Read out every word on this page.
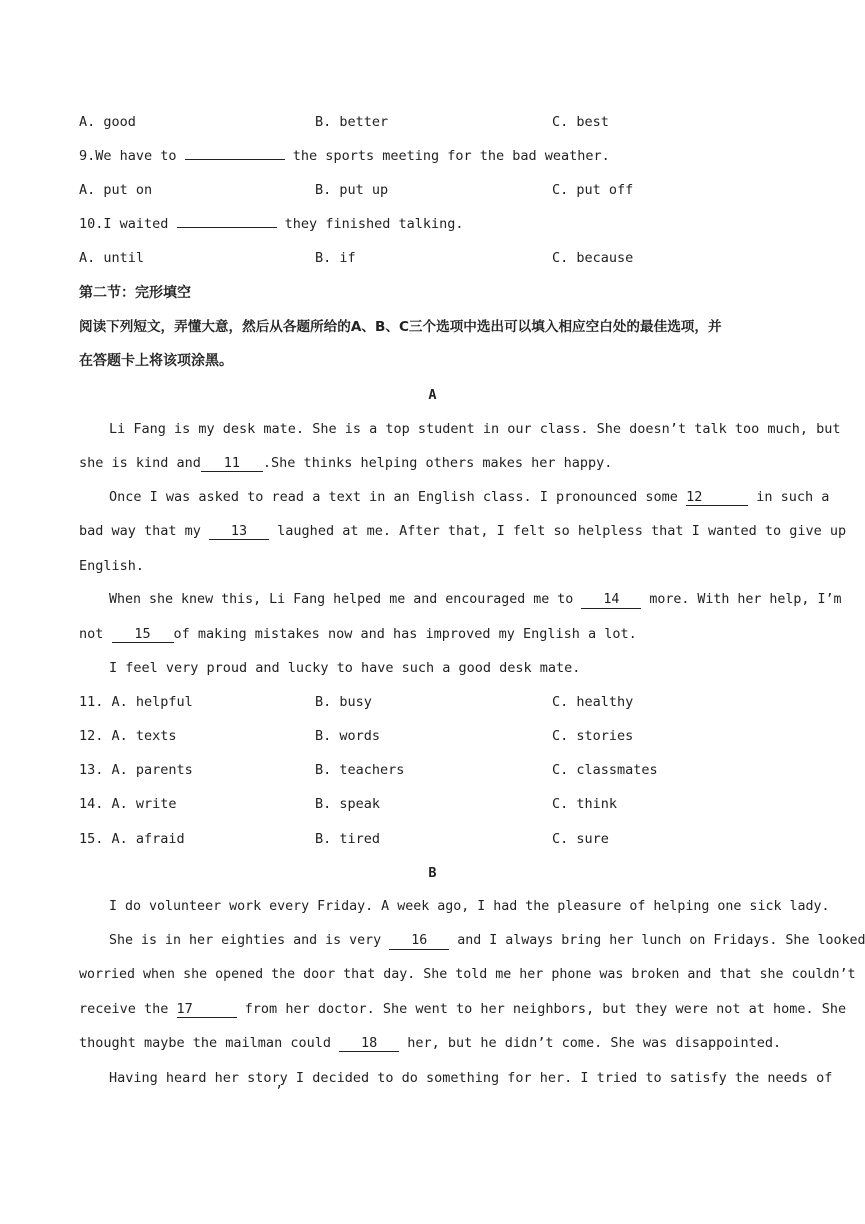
A. good	B. better	C. best
9.We have to	the sports meeting for the bad weather.
A. put on	B. put up	C. put off
10.I waited	they finished talking.
A. until	B. if	C. because
第二节：完形填空
阅读下列短文，弄懂大意，然后从各题所给的A、B、C三个选项中选出可以填入相应空白处的最佳选项，并
在答题卡上将该项涂黑。
A
Li Fang is my desk mate. She is a top student in our class. She doesn’t talk too much, but
she is kind and 11 .She thinks helping others makes her happy.
Once I was asked to read a text in an English class. I pronounced some 12	in such a
bad way that my 13 laughed at me. After that, I felt so helpless that I wanted to give up
English.
When she knew this, Li Fang helped me and encouraged me to 14 more. With her help, I’m
not 15 of making mistakes now and has improved my English a lot.
I feel very proud and lucky to have such a good desk mate.
11. A. helpful	B. busy	C. healthy
12. A. texts	B. words	C. stories
13. A. parents	B. teachers	C. classmates
14. A. write	B. speak	C. think
15. A. afraid	B. tired	C. sure
B
I do volunteer work every Friday. A week ago, I had the pleasure of helping one sick lady.
She is in her eighties and is very 16 and I always bring her lunch on Fridays. She looked
worried when she opened the door that day. She told me her phone was broken and that she couldn’t
receive the 17	from her doctor. She went to her neighbors, but they were not at home. She
thought maybe the mailman could 18 her, but he didn’t come. She was disappointed.
Having heard her story I decided to do something for her. I tried to satisfy the needs of
’
